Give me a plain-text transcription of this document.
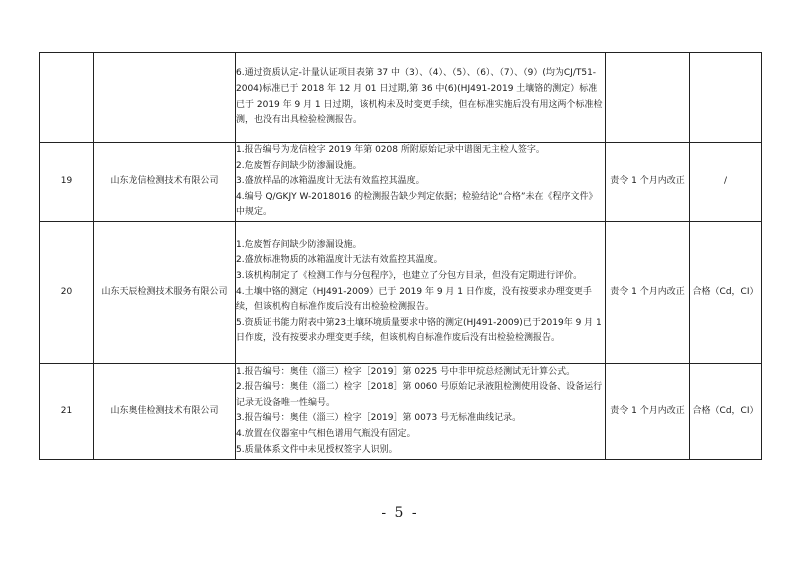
		6.通过资质认定-计量认证项目表第 37 中（3）、（4）、（5）、（6）、（7）、（9）(均为CJ/T51-2004)标准已于 2018 年 12 月 01 日过期,第 36 中(6)(HJ491-2019 土壤铬的测定）标准已于 2019 年 9 月 1 日过期，该机构未及时变更手续，但在标准实施后没有用这两个标准检测，也没有出具检验检测报告。		

19	山东龙信检测技术有限公司	1.报告编号为龙信检字 2019 年第 0208 所附原始记录中谱图无主检人签字。
2.危废暂存间缺少防渗漏设施。
3.盛放样品的冰箱温度计无法有效监控其温度。
4.编号 Q/GKJY W-2018016 的检测报告缺少判定依据；检验结论“合格”未在《程序文件》中规定。	责令 1 个月内改正	/
20	山东天辰检测技术服务有限公司	1.危废暂存间缺少防渗漏设施。
2.盛放标准物质的冰箱温度计无法有效监控其温度。
3.该机构制定了《检测工作与分包程序》，也建立了分包方目录，但没有定期进行评价。
4.土壤中铬的测定（HJ491-2009）已于 2019 年 9 月 1 日作废，没有按要求办理变更手续，但该机构自标准作废后没有出检验检测报告。
5.资质证书能力附表中第23土壤环境质量要求中铬的测定(HJ491-2009)已于2019年 9 月 1 日作废，没有按要求办理变更手续，但该机构自标准作废后没有出检验检测报告。	责令 1 个月内改正	合格（Cd，CI）
21	山东奥佳检测技术有限公司	1.报告编号：奥佳（淄三）检字［2019］第 0225 号中非甲烷总烃测试无计算公式。
2.报告编号：奥佳（淄二）检字［2018］第 0060 号原始记录液阻检测使用设备、设备运行记录无设备唯一性编号。
3.报告编号：奥佳（淄三）检字［2019］第 0073 号无标准曲线记录。
4.放置在仪器室中气相色谱用气瓶没有固定。
5.质量体系文件中未见授权签字人识别。	责令 1 个月内改正	合格（Cd，CI）
- 5 -
